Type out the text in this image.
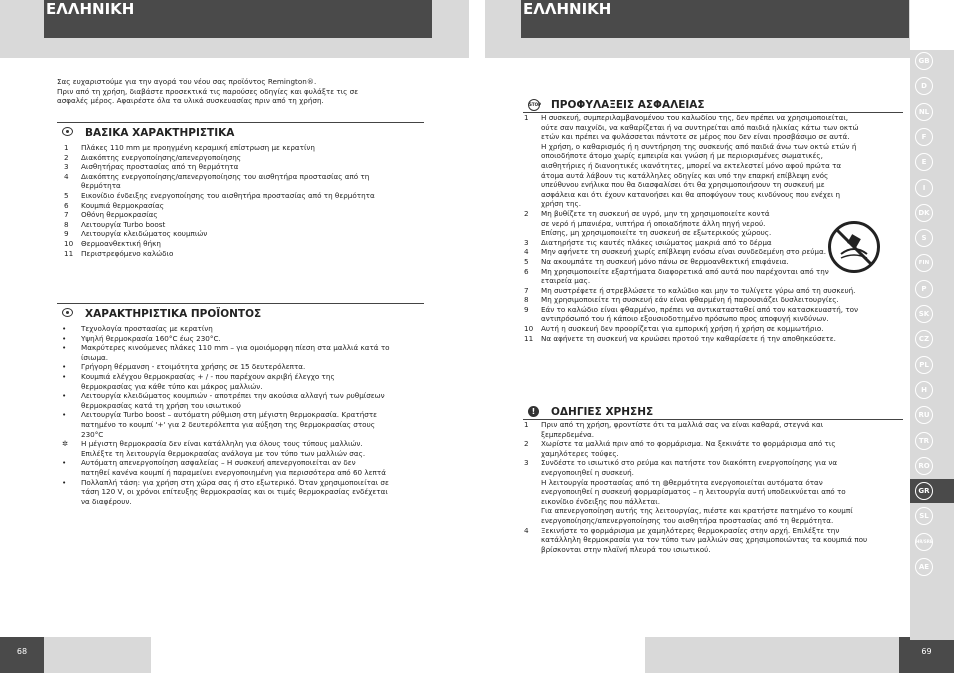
ΕΛΛΗΝΙΚΗ
Σας ευχαριστούμε για την αγορά του νέου σας προϊόντος Remington®.
Πριν από τη χρήση, διαβάστε προσεκτικά τις παρούσες οδηγίες και φυλάξτε τις σε
ασφαλές μέρος. Αφαιρέστε όλα τα υλικά συσκευασίας πριν από τη χρήση.
ΒΑΣΙΚΑ ΧΑΡΑΚΤΗΡΙΣΤΙΚΑ
1	Πλάκες 110 mm με προηγμένη κεραμική επίστρωση με κερατίνη
2	Διακόπτης ενεργοποίησης/απενεργοποίησης
3	Αισθητήρας προστασίας από τη θερμότητα
4	Διακόπτης ενεργοποίησης/απενεργοποίησης του αισθητήρα προστασίας από τη
θερμότητα
5	Εικονίδιο ένδειξης ενεργοποίησης του αισθητήρα προστασίας από τη θερμότητα
6	Κουμπιά θερμοκρασίας
7	Οθόνη θερμοκρασίας
8	Λειτουργία Turbo boost
9	Λειτουργία κλειδώματος κουμπιών
10	Θερμοανθεκτική θήκη
11	Περιστρεφόμενο καλώδιο
ΧΑΡΑΚΤΗΡΙΣΤΙΚΑ ΠΡΟΪΟΝΤΟΣ
•	Τεχνολογία προστασίας με κερατίνη
•	Υψηλή θερμοκρασία 160°C έως 230°C.
•	Μακρύτερες κινούμενες πλάκες 110 mm – για ομοιόμορφη πίεση στα μαλλιά κατά το
ίσιωμα.
•	Γρήγορη θέρμανση - ετοιμότητα χρήσης σε 15 δευτερόλεπτα.
•	Κουμπιά ελέγχου θερμοκρασίας + / - που παρέχουν ακριβή έλεγχο της
θερμοκρασίας για κάθε τύπο και μάκρος μαλλιών.
•	Λειτουργία κλειδώματος κουμπιών - αποτρέπει την ακούσια αλλαγή των ρυθμίσεων
θερμοκρασίας κατά τη χρήση του ισιωτικού
•	Λειτουργία Turbo boost – αυτόματη ρύθμιση στη μέγιστη θερμοκρασία. Κρατήστε
πατημένο το κουμπί '+' για 2 δευτερόλεπτα για αύξηση της θερμοκρασίας στους
230°C
✲	Η μέγιστη θερμοκρασία δεν είναι κατάλληλη για όλους τους τύπους μαλλιών.
Επιλέξτε τη λειτουργία θερμοκρασίας ανάλογα με τον τύπο των μαλλιών σας.
•	Αυτόματη απενεργοποίηση ασφαλείας – Η συσκευή απενεργοποιείται αν δεν
πατηθεί κανένα κουμπί ή παραμείνει ενεργοποιημένη για περισσότερα από 60 λεπτά
•	Πολλαπλή τάση: για χρήση στη χώρα σας ή στο εξωτερικό. Όταν χρησιμοποιείται σε
τάση 120 V, οι χρόνοι επίτευξης θερμοκρασίας και οι τιμές θερμοκρασίας ενδέχεται
να διαφέρουν.
68
ΕΛΛΗΝΙΚΗ
STOP ΠΡΟΦΥΛΑΞΕΙΣ ΑΣΦΑΛΕΙΑΣ
1	Η συσκευή, συμπεριλαμβανομένου του καλωδίου της, δεν πρέπει να χρησιμοποιείται,
ούτε σαν παιχνίδι, να καθαρίζεται ή να συντηρείται από παιδιά ηλικίας κάτω των οκτώ
ετών και πρέπει να φυλάσσεται πάντοτε σε μέρος που δεν είναι προσβάσιμο σε αυτά.
Η χρήση, ο καθαρισμός ή η συντήρηση της συσκευής από παιδιά άνω των οκτώ ετών ή
οποιοδήποτε άτομο χωρίς εμπειρία και γνώση ή με περιορισμένες σωματικές,
αισθητήριες ή διανοητικές ικανότητες, μπορεί να εκτελεστεί μόνο αφού πρώτα τα
άτομα αυτά λάβουν τις κατάλληλες οδηγίες και υπό την επαρκή επίβλεψη ενός
υπεύθυνου ενήλικα που θα διασφαλίσει ότι θα χρησιμοποιήσουν τη συσκευή με
ασφάλεια και ότι έχουν κατανοήσει και θα αποφύγουν τους κινδύνους που ενέχει η
χρήση της.
2	Μη βυθίζετε τη συσκευή σε υγρό, μην τη χρησιμοποιείτε κοντά
σε νερό ή μπανιέρα, νιπτήρα ή οποιαδήποτε άλλη πηγή νερού.
Επίσης, μη χρησιμοποιείτε τη συσκευή σε εξωτερικούς χώρους.
3	Διατηρήστε τις καυτές πλάκες ισιώματος μακριά από το δέρμα
4	Μην αφήνετε τη συσκευή χωρίς επίβλεψη ενόσω είναι συνδεδεμένη στο ρεύμα.
5	Να ακουμπάτε τη συσκευή μόνο πάνω σε θερμοανθεκτική επιφάνεια.
6	Μη χρησιμοποιείτε εξαρτήματα διαφορετικά από αυτά που παρέχονται από την
εταιρεία μας.
7	Μη συστρέφετε ή στρεβλώσετε το καλώδιο και μην το τυλίγετε γύρω από τη συσκευή.
8	Μη χρησιμοποιείτε τη συσκευή εάν είναι φθαρμένη ή παρουσιάζει δυσλειτουργίες.
9	Εάν το καλώδιο είναι φθαρμένο, πρέπει να αντικατασταθεί από τον κατασκευαστή, τον
αντιπρόσωπό του ή κάποιο εξουσιοδοτημένο πρόσωπο προς αποφυγή κινδύνων.
10	Αυτή η συσκευή δεν προορίζεται για εμπορική χρήση ή χρήση σε κομμωτήριο.
11	Να αφήνετε τη συσκευή να κρυώσει προτού την καθαρίσετε ή την αποθηκεύσετε.
!	ΟΔΗΓΙΕΣ ΧΡΗΣΗΣ
1	Πριν από τη χρήση, φροντίστε ότι τα μαλλιά σας να είναι καθαρά, στεγνά και
ξεμπερδεμένα.
2	Χωρίστε τα μαλλιά πριν από το φορμάρισμα. Να ξεκινάτε το φορμάρισμα από τις
χαμηλότερες τούφες.
3	Συνδέστε το ισιωτικό στο ρεύμα και πατήστε τον διακόπτη ενεργοποίησης για να
ενεργοποιηθεί η συσκευή.
Η λειτουργία προστασίας από τη ◍θερμότητα ενεργοποιείται αυτόματα όταν
ενεργοποιηθεί η συσκευή φορμαρίσματος – η λειτουργία αυτή υποδεικνύεται από το
εικονίδιο ένδειξης που πάλλεται.
Για απενεργοποίηση αυτής της λειτουργίας, πιέστε και κρατήστε πατημένο το κουμπί
ενεργοποίησης/απενεργοποίησης του αισθητήρα προστασίας από τη θερμότητα.
4	Ξεκινήστε το φορμάρισμα με χαμηλότερες θερμοκρασίες στην αρχή. Επιλέξτε την
κατάλληλη θερμοκρασία για τον τύπο των μαλλιών σας χρησιμοποιώντας τα κουμπιά που
βρίσκονται στην πλαϊνή πλευρά του ισιωτικού.
69
GB
D
NL
F
E
I
DK
S
FIN
P
SK
CZ
PL
H
RU
TR
RO
GR
SL
HR/SRB
AE
